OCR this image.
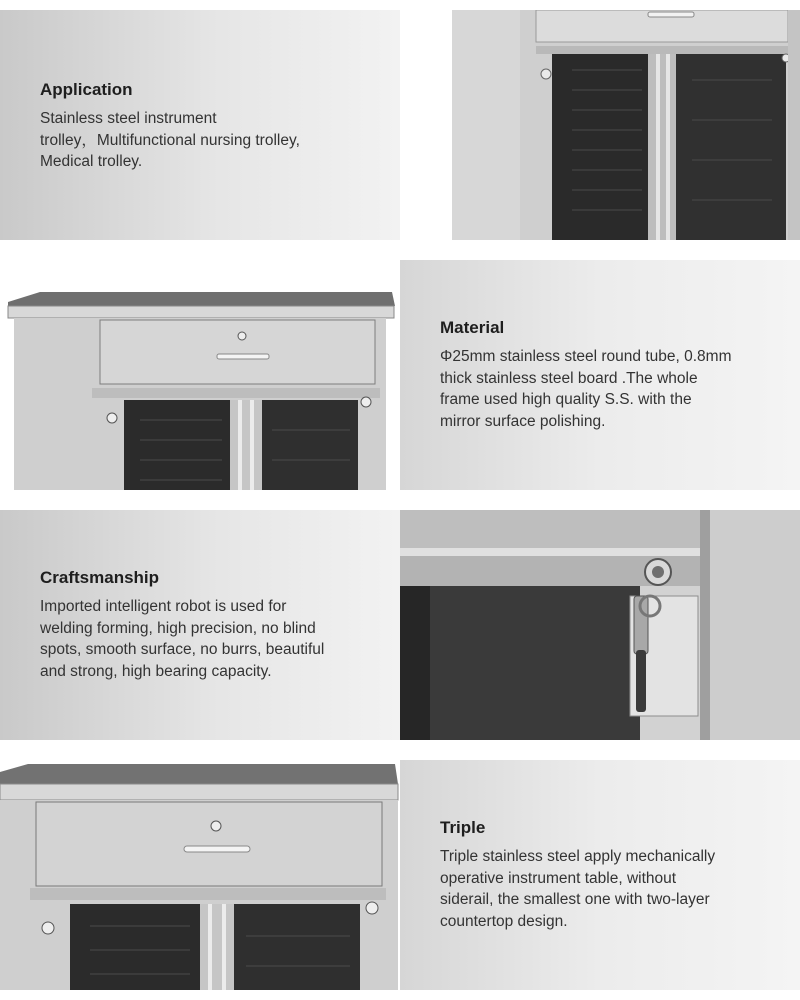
Application

Stainless steel instrument
trolley，Multifunctional nursing trolley,
Medical trolley.

Material

Φ25mm stainless steel round tube, 0.8mm
thick stainless steel board .The whole
frame used high quality S.S. with the
mirror surface polishing.

Craftsmanship

Imported intelligent robot is used for
welding forming, high precision, no blind
spots, smooth surface, no burrs, beautiful
and strong, high bearing capacity.

Triple

Triple stainless steel apply mechanically
operative instrument table, without
siderail, the smallest one with two-layer
countertop design.
